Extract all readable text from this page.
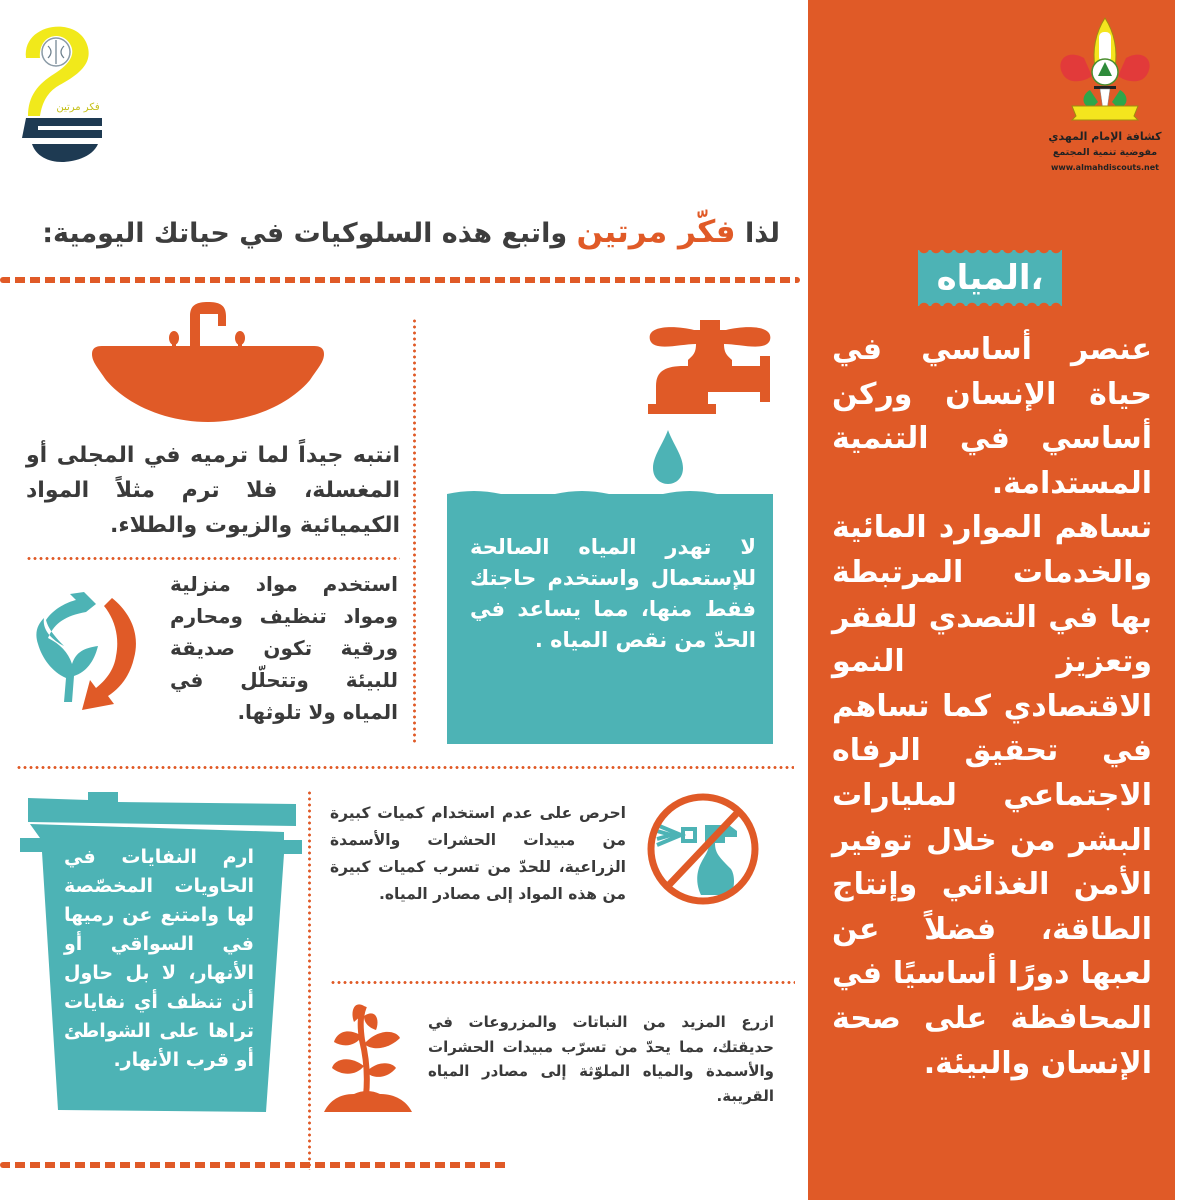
كشافة الإمام المهدي
مفوضية تنمية المجتمع
www.almahdiscouts.net
المياه،

عنصر أساسي في حياة الإنسان وركن أساسي في التنمية المستدامة.

تساهم الموارد المائية والخدمات المرتبطة بها في التصدي للفقر وتعزيز النمو الاقتصادي كما تساهم في تحقيق الرفاه الاجتماعي لمليارات البشر من خلال توفير الأمن الغذائي وإنتاج الطاقة، فضلاً عن لعبها دورًا أساسيًا في المحافظة على صحة الإنسان والبيئة.

فكر مرتين
لذا فكّر مرتين واتبع هذه السلوكيات في حياتك اليومية:
لا تهدر المياه الصالحة للإستعمال واستخدم حاجتك فقط منها، مما يساعد في الحدّ من نقص المياه .
انتبه جيداً لما ترميه في المجلى أو المغسلة، فلا ترم مثلاً المواد الكيميائية والزيوت والطلاء.
استخدم مواد منزلية ومواد تنظيف ومحارم ورقية تكون صديقة للبيئة وتتحلّل في المياه ولا تلوثها.
ارم النفايات في الحاويات المخصّصة لها وامتنع عن رميها في السواقي أو الأنهار، لا بل حاول أن تنظف أي نفايات تراها على الشواطئ أو قرب الأنهار.
احرص على عدم استخدام كميات كبيرة من مبيدات الحشرات والأسمدة الزراعية، للحدّ من تسرب كميات كبيرة من هذه المواد إلى مصادر المياه.
ازرع المزيد من النباتات والمزروعات في حديقتك، مما يحدّ من تسرّب مبيدات الحشرات والأسمدة والمياه الملوّثة إلى مصادر المياه القريبة.
